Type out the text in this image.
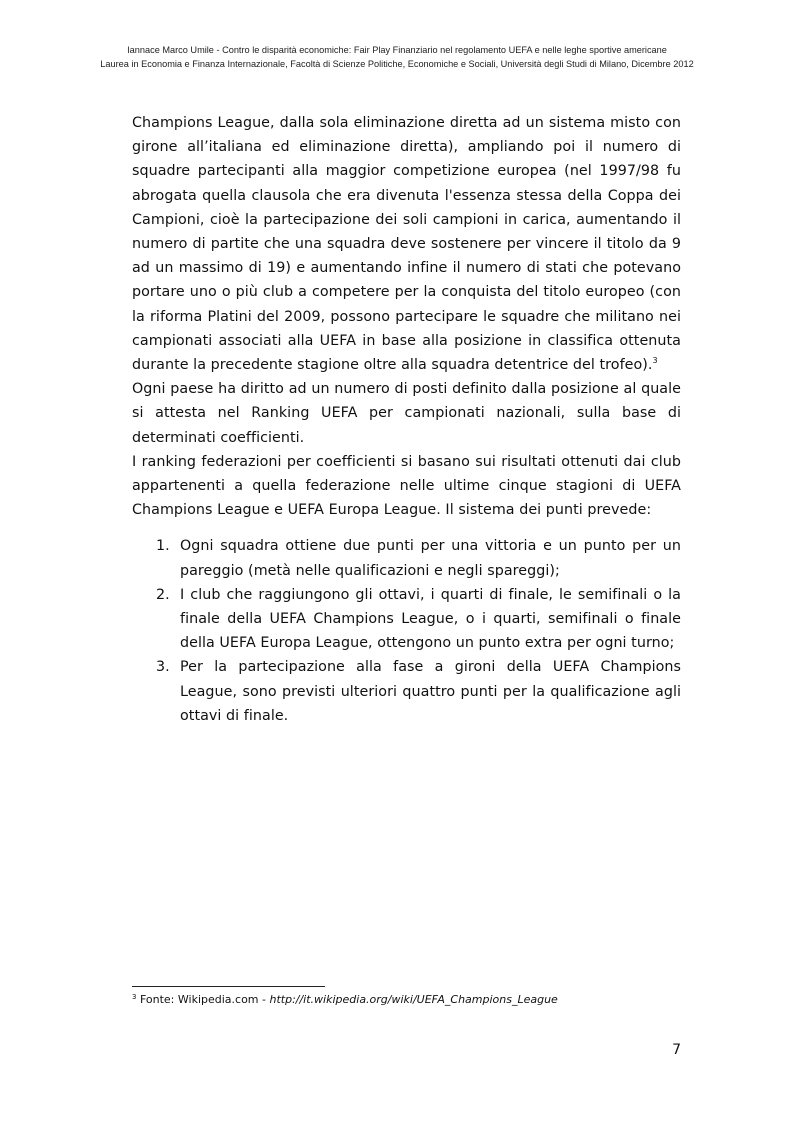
Iannace Marco Umile - Contro le disparità economiche: Fair Play Finanziario nel regolamento UEFA e nelle leghe sportive americane
Laurea in Economia e Finanza Internazionale, Facoltà di Scienze Politiche, Economiche e Sociali, Università degli Studi di Milano, Dicembre 2012

Champions League, dalla sola eliminazione diretta ad un sistema misto con girone all’italiana ed eliminazione diretta), ampliando poi il numero di squadre partecipanti alla maggior competizione europea (nel 1997/98 fu abrogata quella clausola che era divenuta l'essenza stessa della Coppa dei Campioni, cioè la partecipazione dei soli campioni in carica, aumentando il numero di partite che una squadra deve sostenere per vincere il titolo da 9 ad un massimo di 19) e aumentando infine il numero di stati che potevano portare uno o più club a competere per la conquista del titolo europeo (con la riforma Platini del 2009, possono partecipare le squadre che militano nei campionati associati alla UEFA in base alla posizione in classifica ottenuta durante la precedente stagione oltre alla squadra detentrice del trofeo).$^3$

Ogni paese ha diritto ad un numero di posti definito dalla posizione al quale si attesta nel Ranking UEFA per campionati nazionali, sulla base di determinati coefficienti.

I ranking federazioni per coefficienti si basano sui risultati ottenuti dai club appartenenti a quella federazione nelle ultime cinque stagioni di UEFA Champions League e UEFA Europa League. Il sistema dei punti prevede:

1. Ogni squadra ottiene due punti per una vittoria e un punto per un pareggio (metà nelle qualificazioni e negli spareggi);
2. I club che raggiungono gli ottavi, i quarti di finale, le semifinali o la finale della UEFA Champions League, o i quarti, semifinali o finale della UEFA Europa League, ottengono un punto extra per ogni turno;
3. Per la partecipazione alla fase a gironi della UEFA Champions League, sono previsti ulteriori quattro punti per la qualificazione agli ottavi di finale.
$^3$ Fonte: Wikipedia.com - http://it.wikipedia.org/wiki/UEFA_Champions_League
7
